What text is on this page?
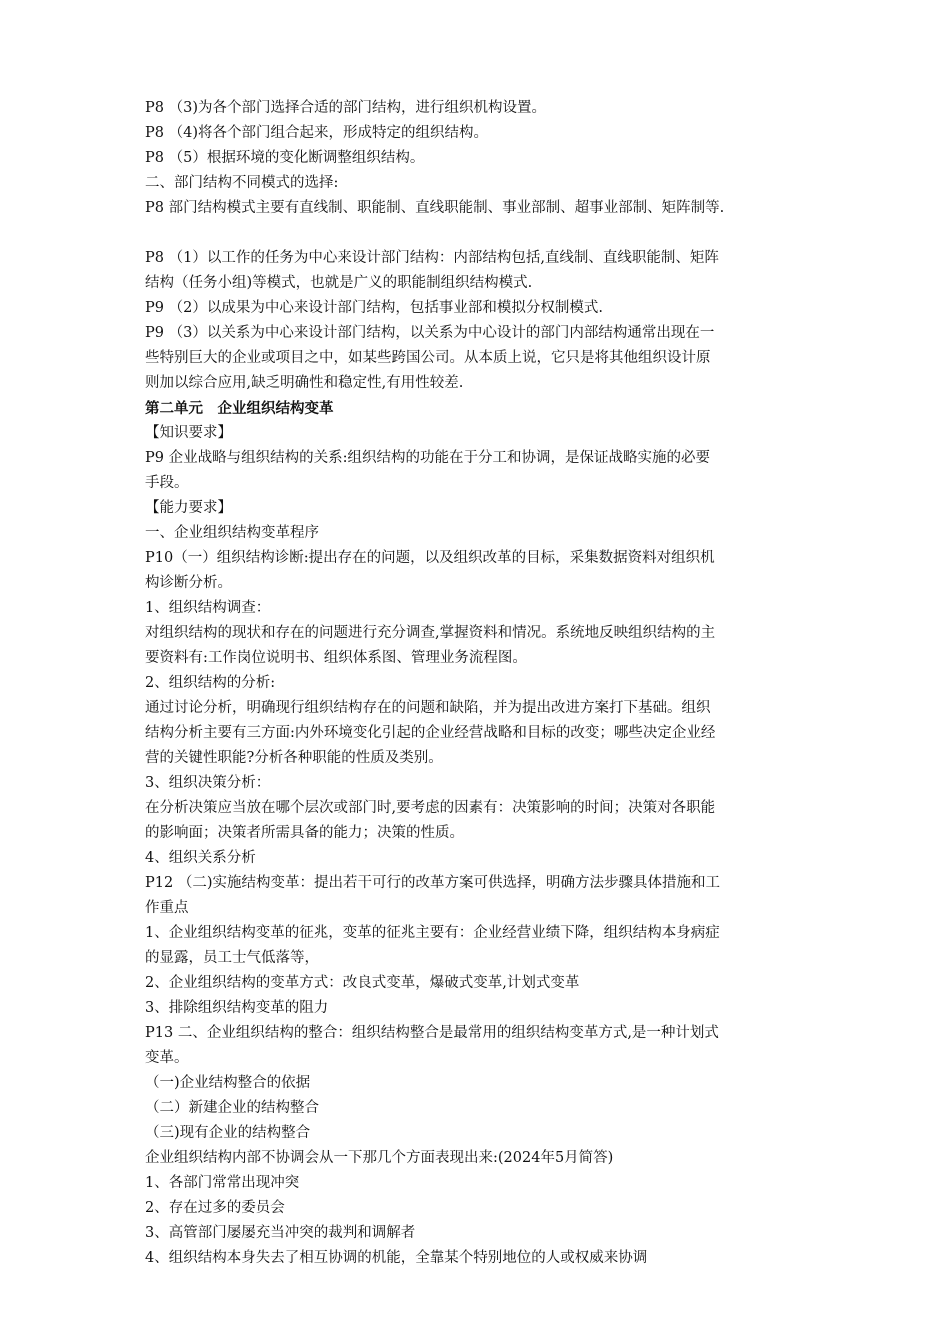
P8 （3)为各个部门选择合适的部门结构，进行组织机构设置。
P8 （4)将各个部门组合起来，形成特定的组织结构。
P8 （5）根据环境的变化断调整组织结构。
二、部门结构不同模式的选择:
P8 部门结构模式主要有直线制、职能制、直线职能制、事业部制、超事业部制、矩阵制等.
P8 （1）以工作的任务为中心来设计部门结构：内部结构包括,直线制、直线职能制、矩阵
结构（任务小组)等模式，也就是广义的职能制组织结构模式.
P9 （2）以成果为中心来设计部门结构，包括事业部和模拟分权制模式.
P9 （3）以关系为中心来设计部门结构，以关系为中心设计的部门内部结构通常出现在一
些特别巨大的企业或项目之中，如某些跨国公司。从本质上说，它只是将其他组织设计原
则加以综合应用,缺乏明确性和稳定性,有用性较差.
第二单元　企业组织结构变革
【知识要求】
P9 企业战略与组织结构的关系:组织结构的功能在于分工和协调，是保证战略实施的必要
手段。
【能力要求】
一、企业组织结构变革程序
P10（一）组织结构诊断:提出存在的问题，以及组织改革的目标，采集数据资料对组织机
构诊断分析。
1、组织结构调查：
对组织结构的现状和存在的问题进行充分调查,掌握资料和情况。系统地反映组织结构的主
要资料有:工作岗位说明书、组织体系图、管理业务流程图。
2、组织结构的分析:
通过讨论分析，明确现行组织结构存在的问题和缺陷，并为提出改进方案打下基础。组织
结构分析主要有三方面:内外环境变化引起的企业经营战略和目标的改变；哪些决定企业经
营的关键性职能?分析各种职能的性质及类别。
3、组织决策分析：
在分析决策应当放在哪个层次或部门时,要考虑的因素有：决策影响的时间；决策对各职能
的影响面；决策者所需具备的能力；决策的性质。
4、组织关系分析
P12 （二)实施结构变革：提出若干可行的改革方案可供选择，明确方法步骤具体措施和工
作重点
1、企业组织结构变革的征兆，变革的征兆主要有：企业经营业绩下降，组织结构本身病症
的显露，员工士气低落等，
2、企业组织结构的变革方式：改良式变革，爆破式变革,计划式变革
3、排除组织结构变革的阻力
P13 二、企业组织结构的整合：组织结构整合是最常用的组织结构变革方式,是一种计划式
变革。
（一)企业结构整合的依据
（二）新建企业的结构整合
（三)现有企业的结构整合
企业组织结构内部不协调会从一下那几个方面表现出来:(2024年5月简答)
1、各部门常常出现冲突
2、存在过多的委员会
3、高管部门屡屡充当冲突的裁判和调解者
4、组织结构本身失去了相互协调的机能，全靠某个特别地位的人或权威来协调
